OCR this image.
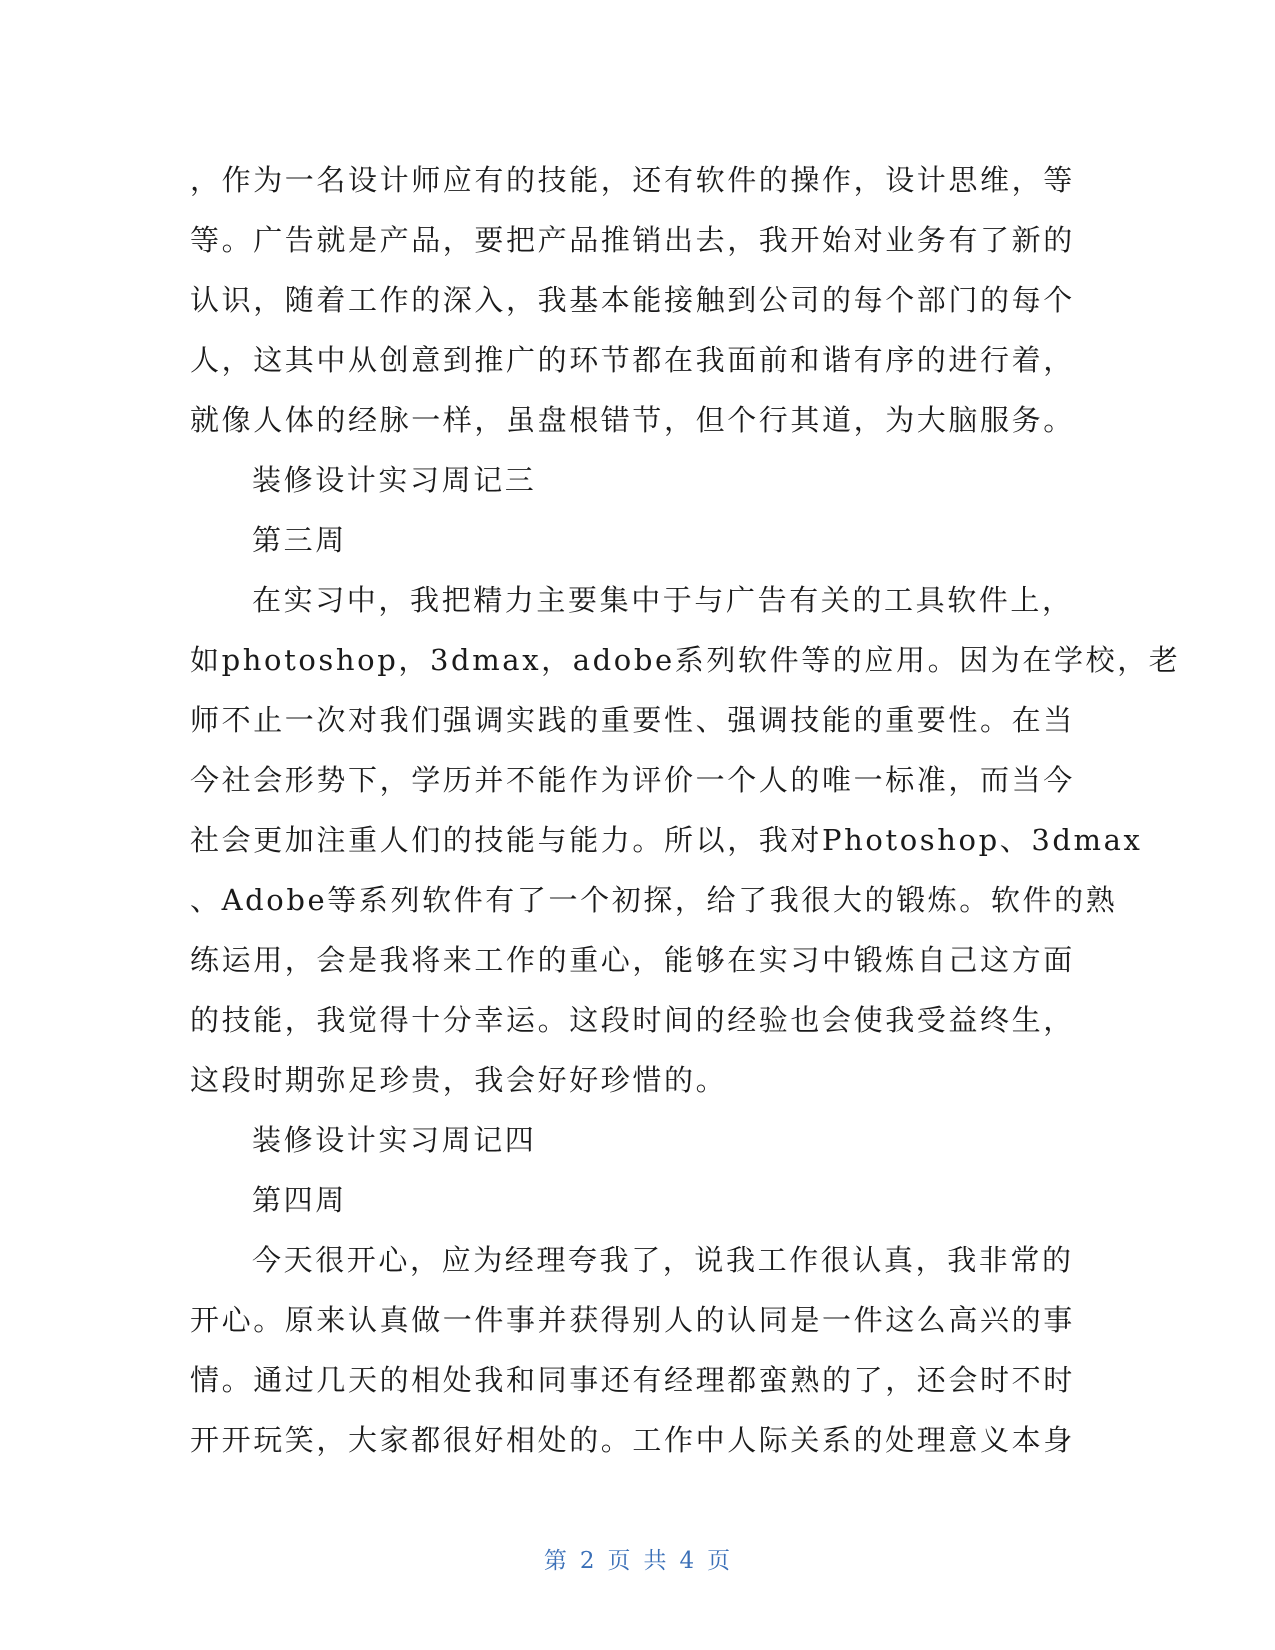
，作为一名设计师应有的技能，还有软件的操作，设计思维，等
等。广告就是产品，要把产品推销出去，我开始对业务有了新的
认识，随着工作的深入，我基本能接触到公司的每个部门的每个
人，这其中从创意到推广的环节都在我面前和谐有序的进行着，
就像人体的经脉一样，虽盘根错节，但个行其道，为大脑服务。
装修设计实习周记三
第三周
在实习中，我把精力主要集中于与广告有关的工具软件上，
如photoshop，3dmax，adobe系列软件等的应用。因为在学校，老
师不止一次对我们强调实践的重要性、强调技能的重要性。在当
今社会形势下，学历并不能作为评价一个人的唯一标准，而当今
社会更加注重人们的技能与能力。所以，我对Photoshop、3dmax
、Adobe等系列软件有了一个初探，给了我很大的锻炼。软件的熟
练运用，会是我将来工作的重心，能够在实习中锻炼自己这方面
的技能，我觉得十分幸运。这段时间的经验也会使我受益终生，
这段时期弥足珍贵，我会好好珍惜的。
装修设计实习周记四
第四周
今天很开心，应为经理夸我了，说我工作很认真，我非常的
开心。原来认真做一件事并获得别人的认同是一件这么高兴的事
情。通过几天的相处我和同事还有经理都蛮熟的了，还会时不时
开开玩笑，大家都很好相处的。工作中人际关系的处理意义本身
第 2 页 共 4 页
